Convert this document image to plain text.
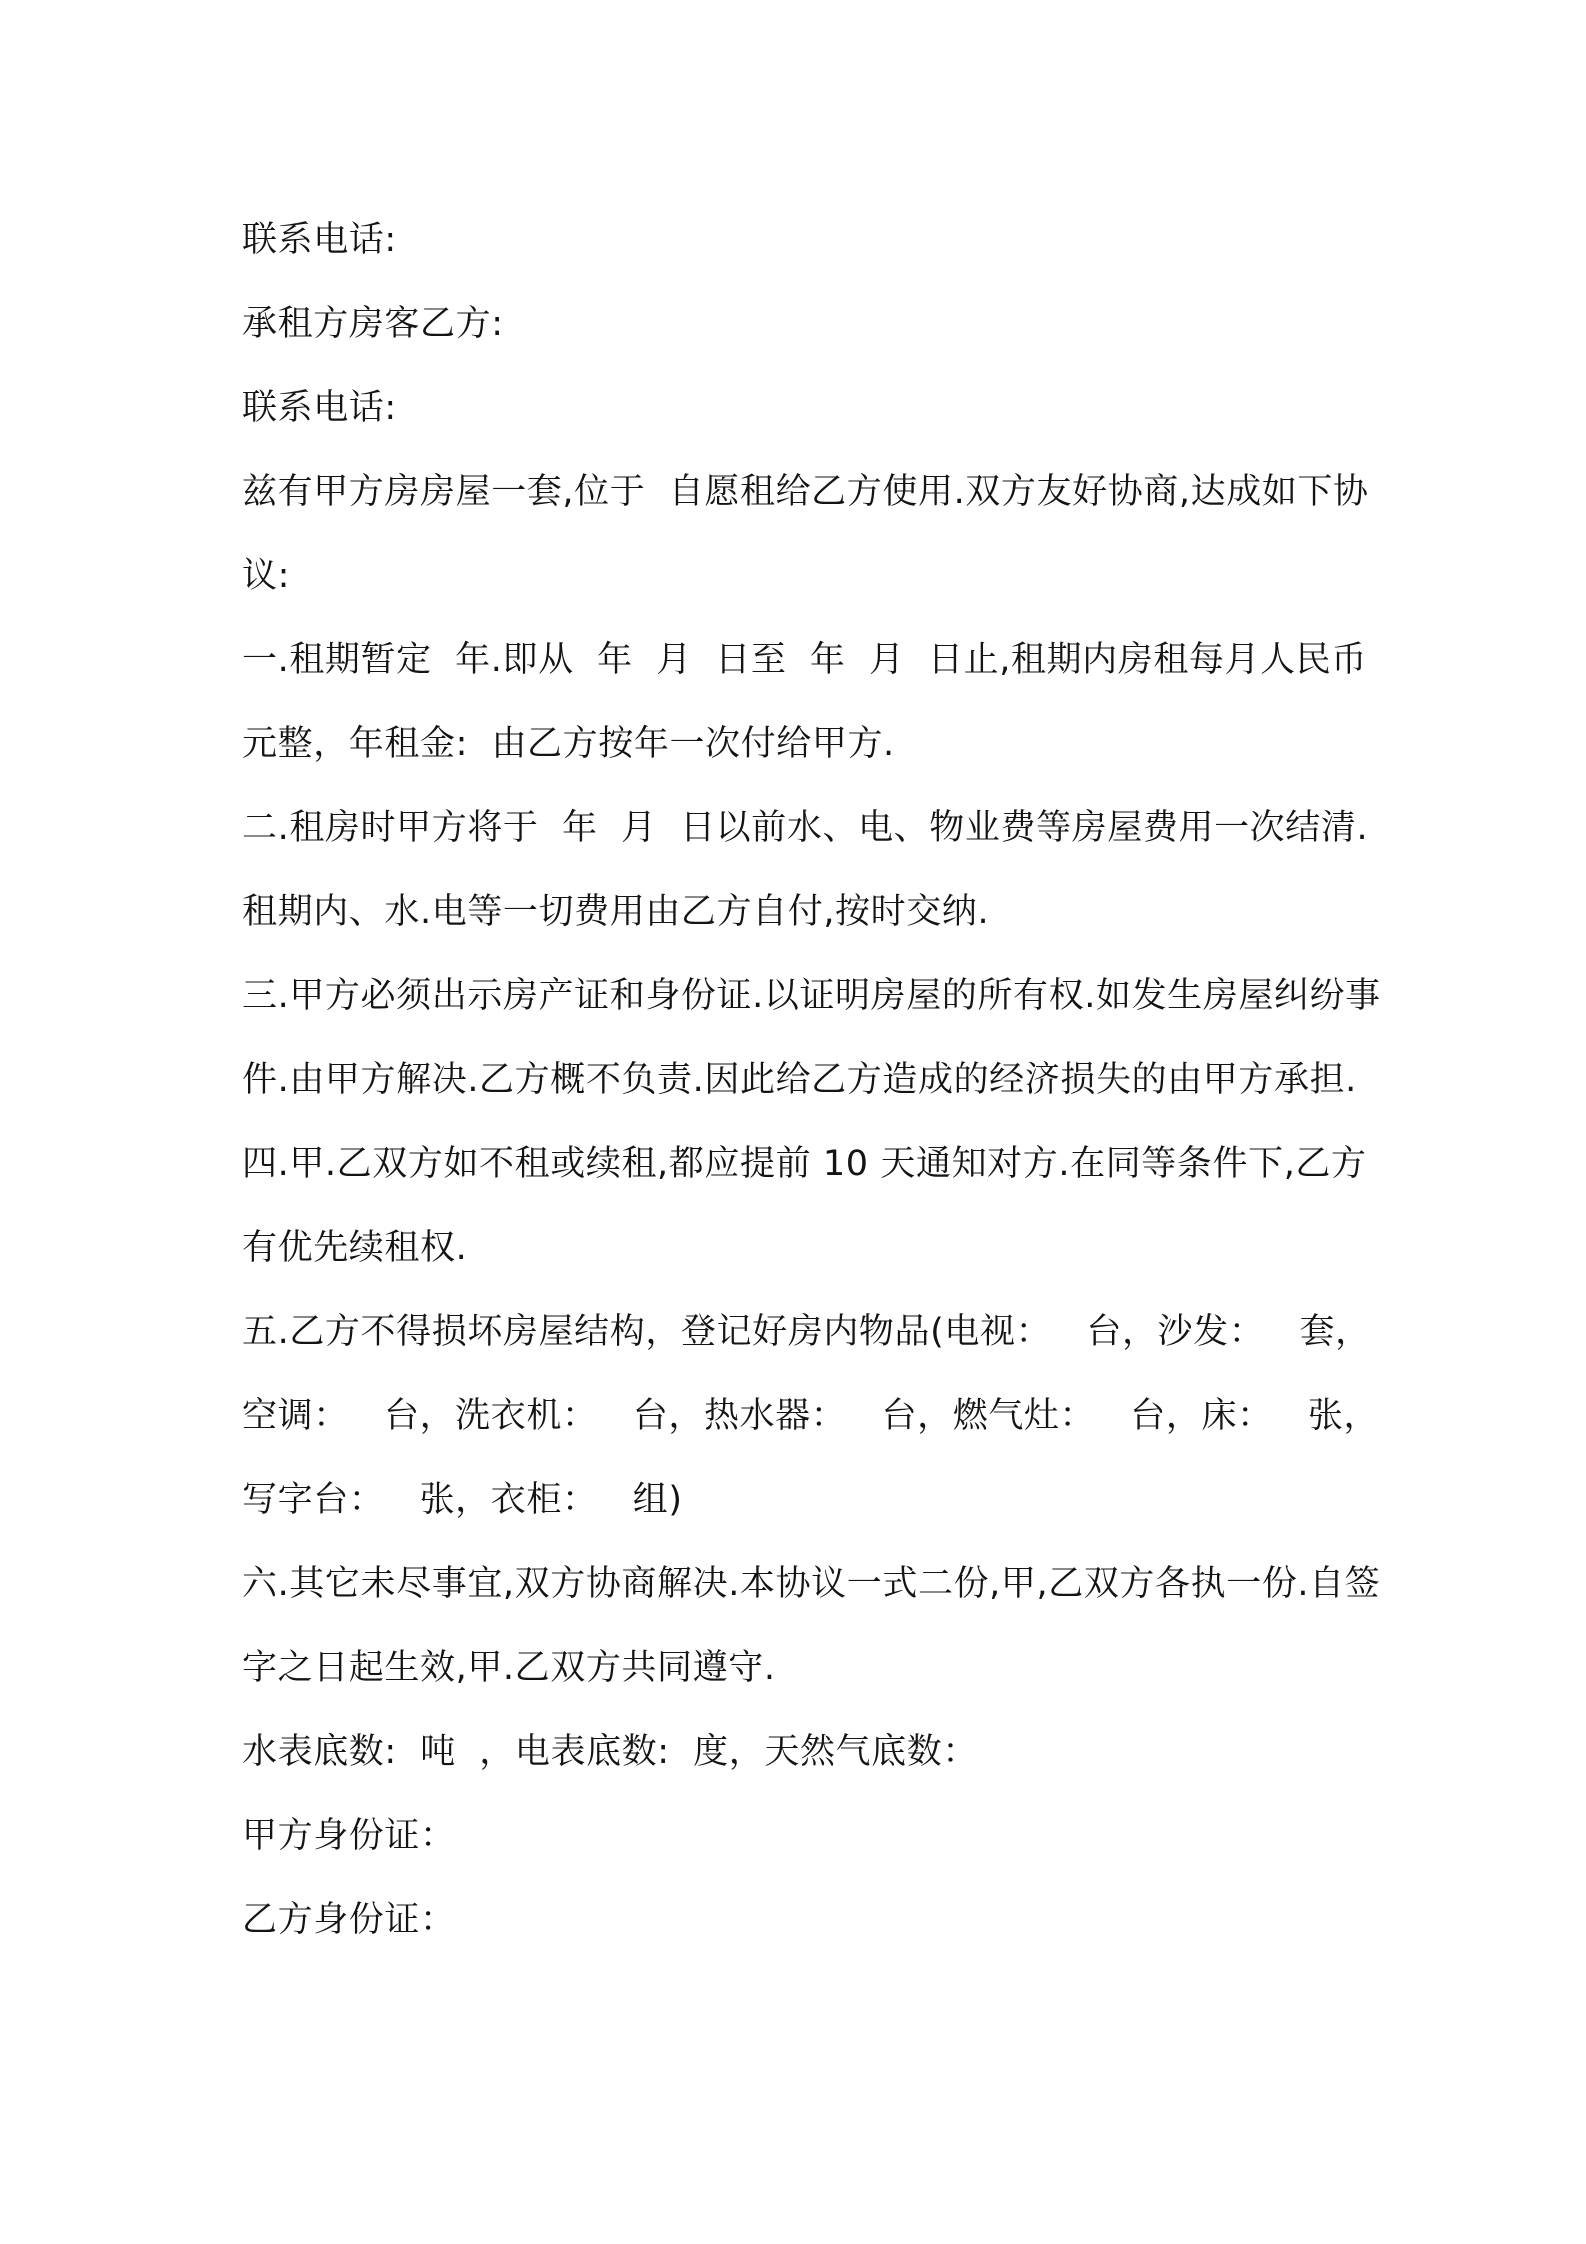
联系电话:

承租方房客乙方:

联系电话:

兹有甲方房房屋一套,位于  自愿租给乙方使用.双方友好协商,达成如下协议:

一.租期暂定  年.即从  年  月  日至  年  月  日止,租期内房租每月人民币  元整，年租金:  由乙方按年一次付给甲方.

二.租房时甲方将于  年  月  日以前水、电、物业费等房屋费用一次结清.租期内、水.电等一切费用由乙方自付,按时交纳.

三.甲方必须出示房产证和身份证.以证明房屋的所有权.如发生房屋纠纷事件.由甲方解决.乙方概不负责.因此给乙方造成的经济损失的由甲方承担.

四.甲.乙双方如不租或续租,都应提前 10 天通知对方.在同等条件下,乙方有优先续租权.

五.乙方不得损坏房屋结构，登记好房内物品(电视：   台，沙发：   套，空调：   台，洗衣机：   台，热水器：   台，燃气灶：   台，床：   张，写字台：   张，衣柜：   组)

六.其它未尽事宜,双方协商解决.本协议一式二份,甲,乙双方各执一份.自签字之日起生效,甲.乙双方共同遵守.

水表底数:  吨  ，电表底数:  度，天然气底数：

甲方身份证：

乙方身份证：
